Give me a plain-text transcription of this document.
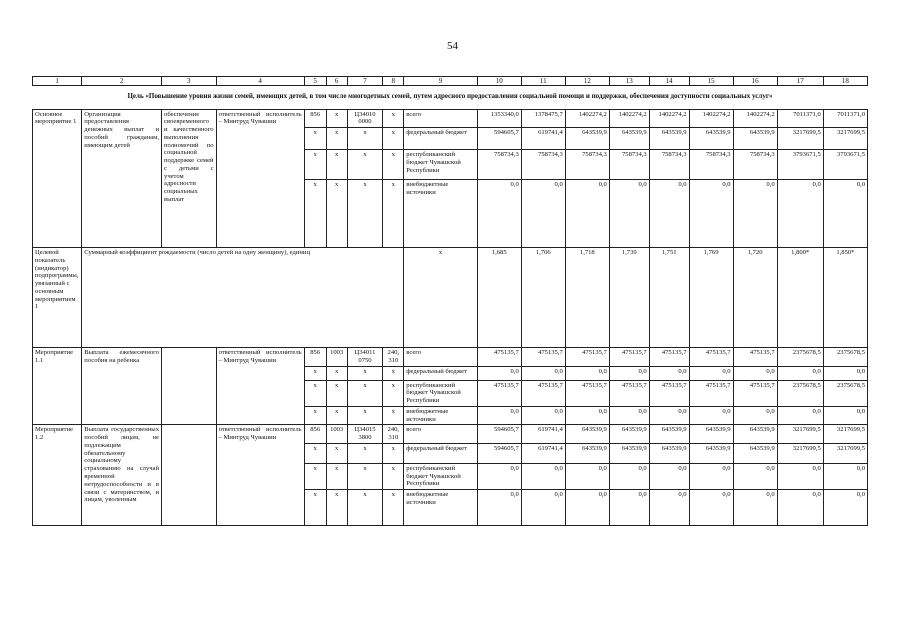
54
1	2	3	4	5	6	7	8	9	10	11	12	13	14	15	16	17	18
Цель «Повышение уровня жизни семей, имеющих детей, в том числе многодетных семей, путем адресного предоставления социальной помощи и поддержки, обеспечения доступности социальных услуг»																	
Основное мероприятие 1	Организация предоставления денежных выплат и пособий гражданам, имеющим детей	обеспечение своевременного и качественного выполнения полномочий по социальной поддержке семей с детьми с учетом адресности социальных выплат	ответственный исполнитель – Минтруд Чувашии	856	x	Ц34010 0000	x	всего	1353340,0	1378475,7	1402274,2	1402274,2	1402274,2	1402274,2	1402274,2	7011371,0	7011371,0
				x	x	x	x	федеральный бюджет	594605,7	619741,4	643539,9	643539,9	643539,9	643539,9	643539,9	3217699,5	3217699,5
				x	x	x	x	республиканский бюджет Чувашской Республики	758734,3	758734,3	758734,3	758734,3	758734,3	758734,3	758734,3	3793671,5	3793671,5
				x	x	x	x	внебюджетные источники	0,0	0,0	0,0	0,0	0,0	0,0	0,0	0,0	0,0
Целевой показатель (индикатор) подпрограммы, увязанный с основным мероприятием 1	Суммарный коэффициент рождаемости (число детей на одну женщину), единиц							x	1,685	1,706	1,718	1,739	1,751	1,769	1,720	1,800*	1,850*
Мероприятие 1.1	Выплата ежемесячного пособия на ребенка		ответственный исполнитель – Минтруд Чувашии	856	1003	Ц34011 0750	240, 310	всего	475135,7	475135,7	475135,7	475135,7	475135,7	475135,7	475135,7	2375678,5	2375678,5
				x	x	x	x	федеральный бюджет	0,0	0,0	0,0	0,0	0,0	0,0	0,0	0,0	0,0
				x	x	x	x	республиканский бюджет Чувашской Республики	475135,7	475135,7	475135,7	475135,7	475135,7	475135,7	475135,7	2375678,5	2375678,5
				x	x	x	x	внебюджетные источники	0,0	0,0	0,0	0,0	0,0	0,0	0,0	0,0	0,0
Мероприятие 1.2	Выплата государственных пособий лицам, не подлежащим обязательному социальному страхованию на случай временной нетрудоспособности и в связи с материнством, и лицам, уволенным		ответственный исполнитель – Минтруд Чувашии	856	1003	Ц34015 3800	240, 310	всего	594605,7	619741,4	643539,9	643539,9	643539,9	643539,9	643539,9	3217699,5	3217699,5
				x	x	x	x	федеральный бюджет	594605,7	619741,4	643539,9	643539,9	643539,9	643539,9	643539,9	3217699,5	3217699,5
				x	x	x	x	республиканский бюджет Чувашской Республики	0,0	0,0	0,0	0,0	0,0	0,0	0,0	0,0	0,0
				x	x	x	x	внебюджетные источники	0,0	0,0	0,0	0,0	0,0	0,0	0,0	0,0	0,0
